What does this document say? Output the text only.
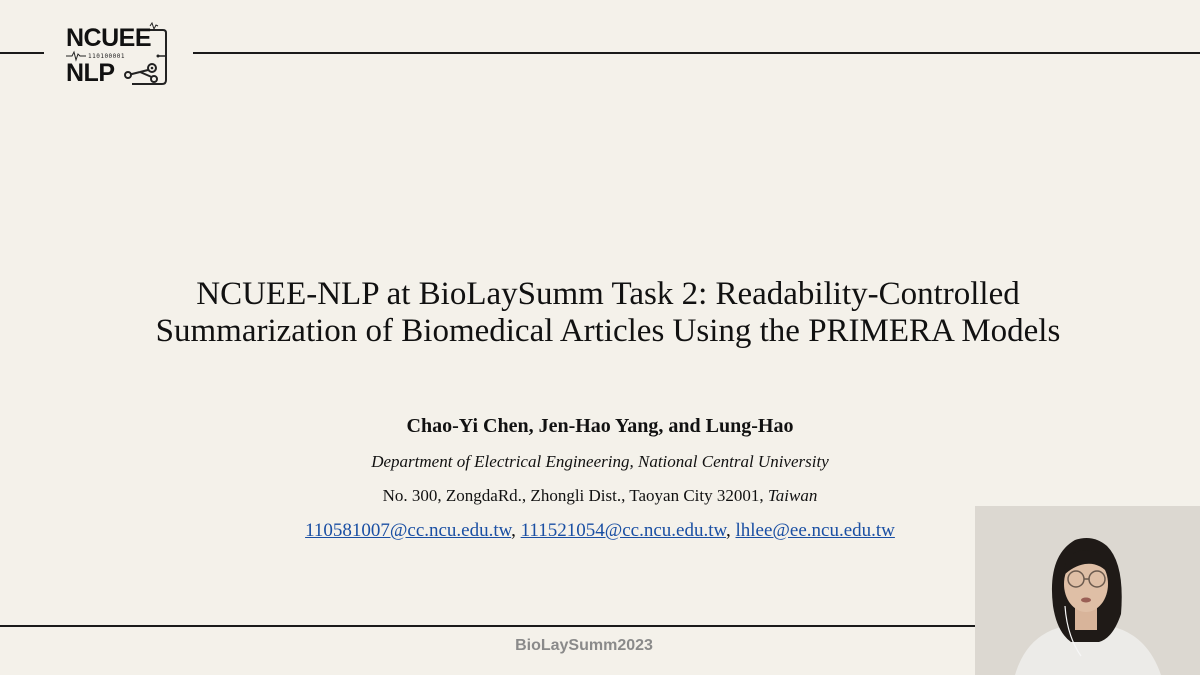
NCUEE
110100001
NLP
NCUEE-NLP at BioLaySumm Task 2: Readability-Controlled
Summarization of Biomedical Articles Using the PRIMERA Models
Chao-Yi Chen, Jen-Hao Yang, and Lung-Hao
Department of Electrical Engineering, National Central University
No. 300, ZongdaRd., Zhongli Dist., Taoyan City 32001, Taiwan
110581007@cc.ncu.edu.tw, 111521054@cc.ncu.edu.tw, lhlee@ee.ncu.edu.tw
BioLaySumm2023
